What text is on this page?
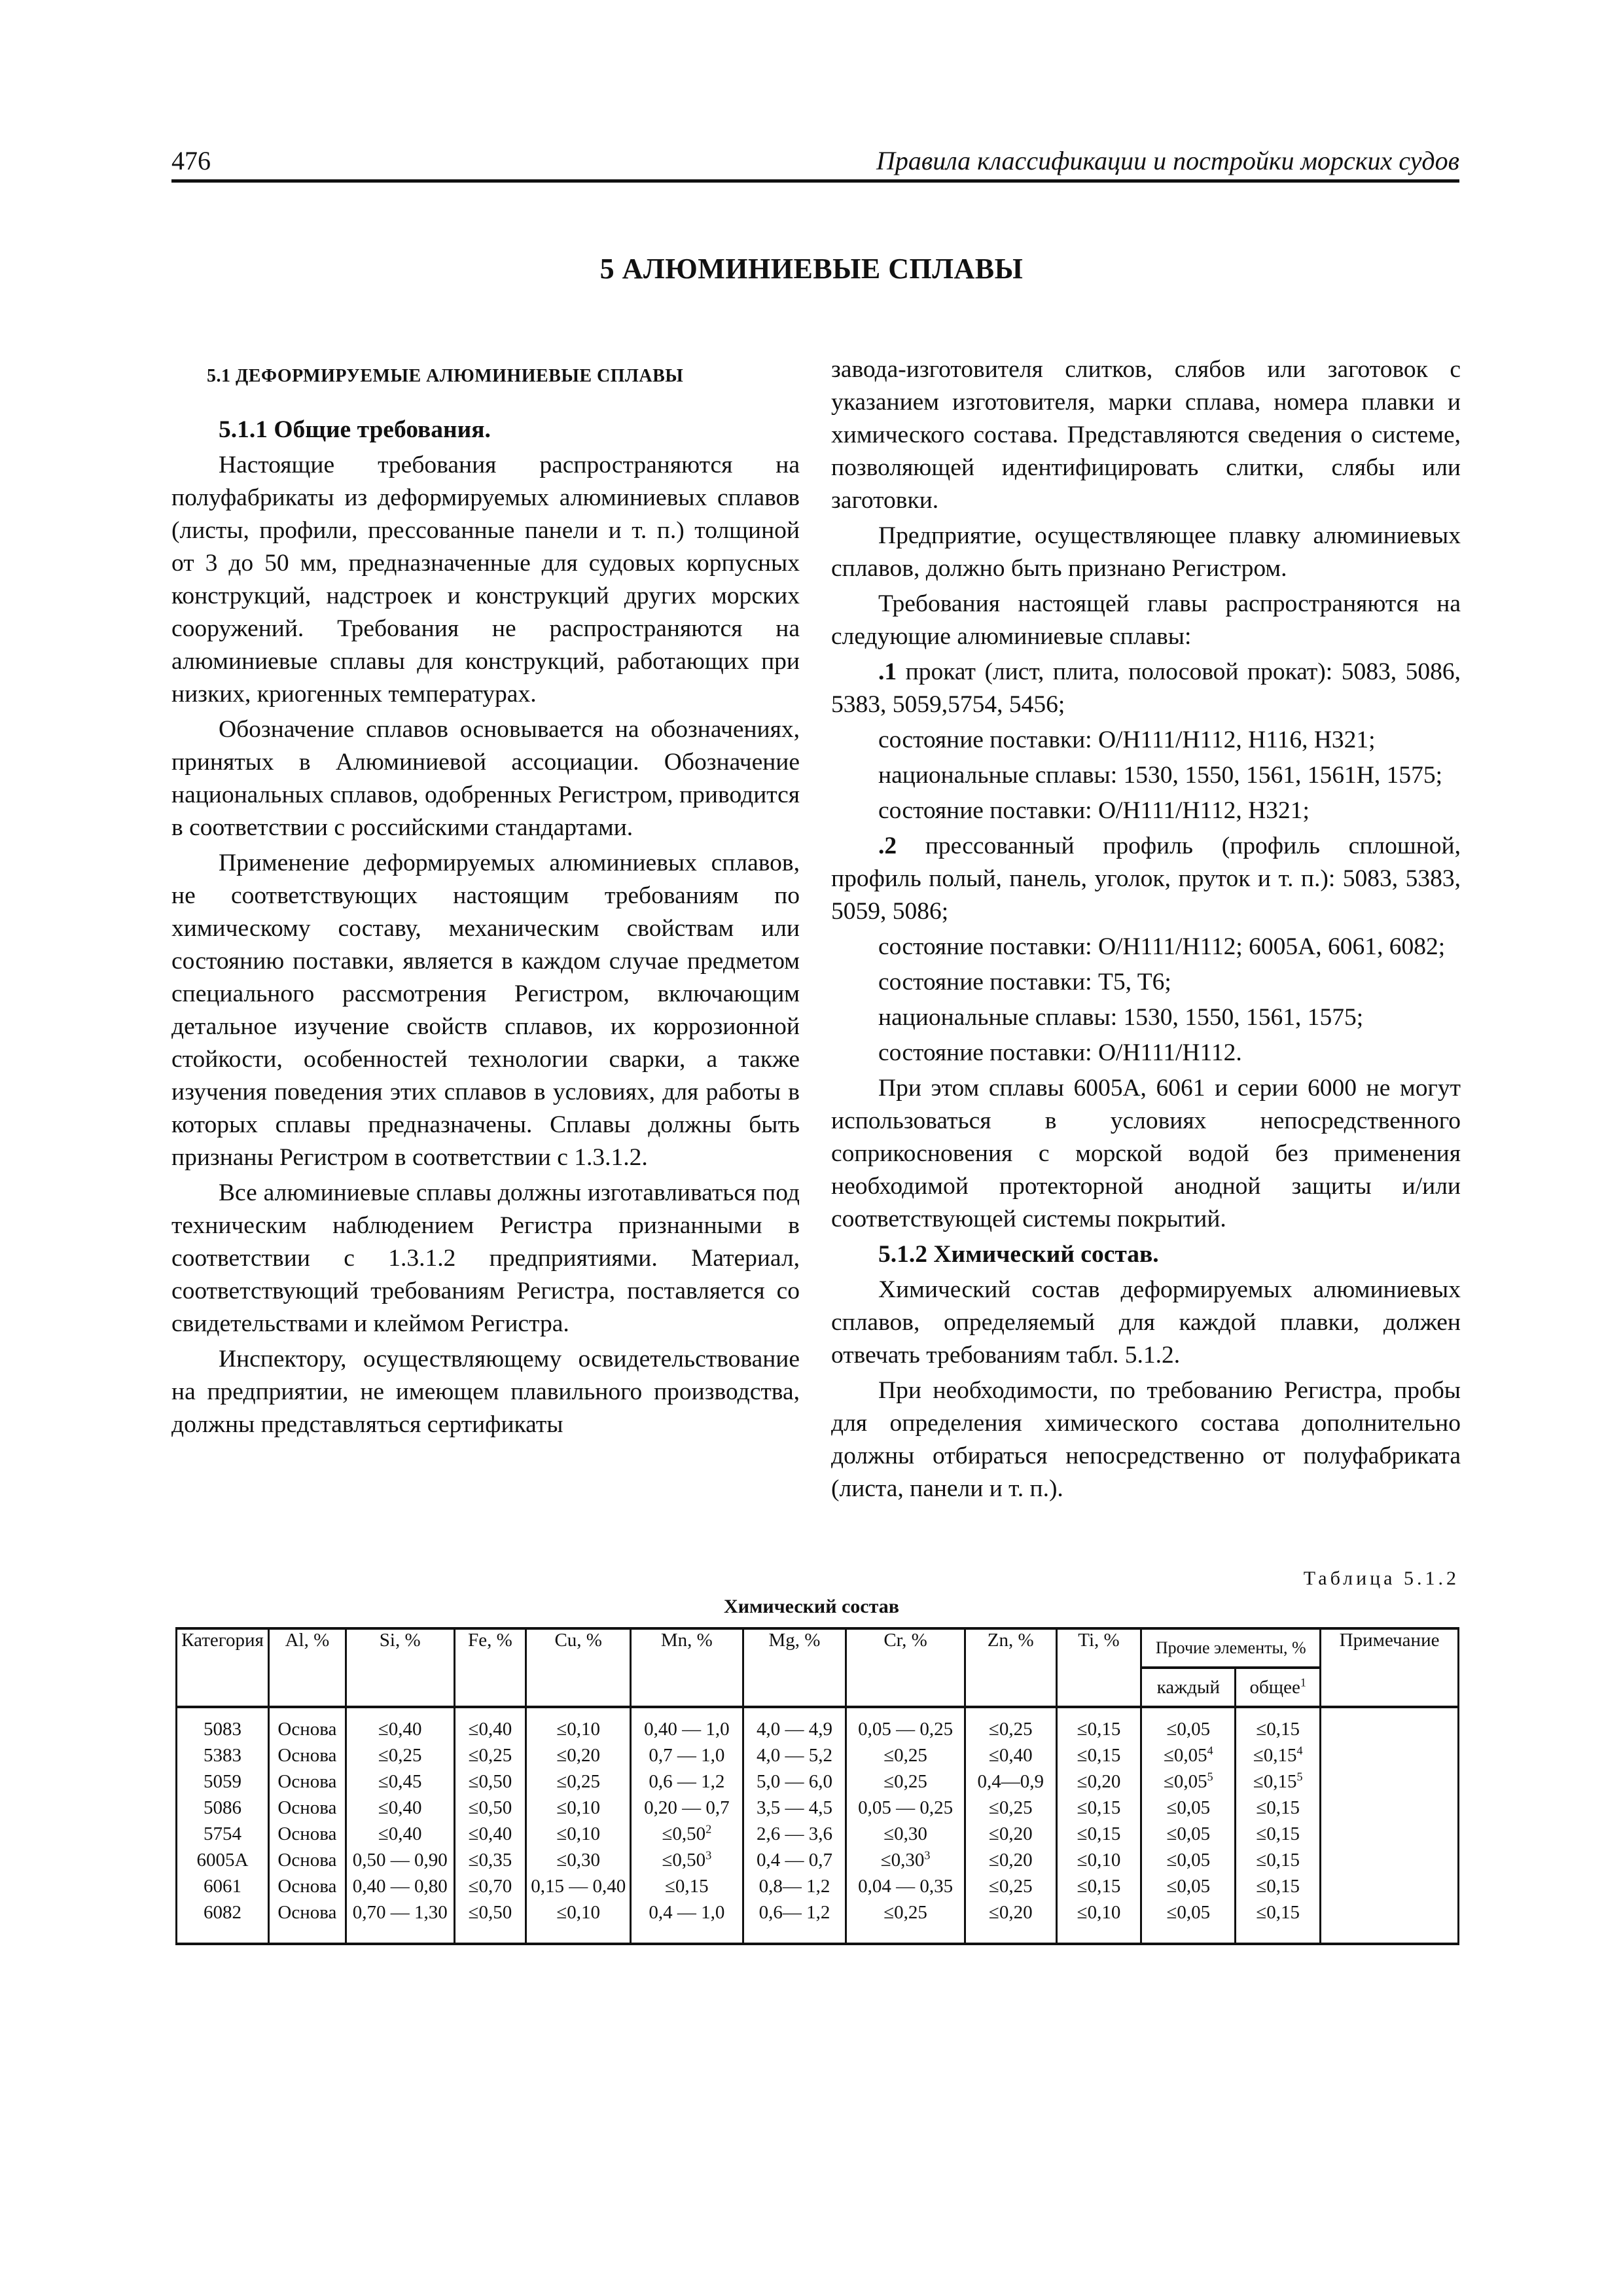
476	Правила классификации и постройки морских судов
5 АЛЮМИНИЕВЫЕ СПЛАВЫ
5.1 ДЕФОРМИРУЕМЫЕ АЛЮМИНИЕВЫЕ СПЛАВЫ

5.1.1 Общие требования.

Настоящие требования распространяются на полуфабрикаты из деформируемых алюминиевых сплавов (листы, профили, прессованные панели и т. п.) толщиной от 3 до 50 мм, предназначенные для судовых корпусных конструкций, надстроек и конструкций других морских сооружений. Требования не распространяются на алюминиевые сплавы для конструкций, работающих при низких, криогенных температурах.

Обозначение сплавов основывается на обозначениях, принятых в Алюминиевой ассоциации. Обозначение национальных сплавов, одобренных Регистром, приводится в соответствии с российскими стандартами.

Применение деформируемых алюминиевых сплавов, не соответствующих настоящим требованиям по химическому составу, механическим свойствам или состоянию поставки, является в каждом случае предметом специального рассмотрения Регистром, включающим детальное изучение свойств сплавов, их коррозионной стойкости, особенностей технологии сварки, а также изучения поведения этих сплавов в условиях, для работы в которых сплавы предназначены. Сплавы должны быть признаны Регистром в соответствии с 1.3.1.2.

Все алюминиевые сплавы должны изготавливаться под техническим наблюдением Регистра признанными в соответствии с 1.3.1.2 предприятиями. Материал, соответствующий требованиям Регистра, поставляется со свидетельствами и клеймом Регистра.

Инспектору, осуществляющему освидетельствование на предприятии, не имеющем плавильного производства, должны представляться сертификаты

завода-изготовителя слитков, слябов или заготовок с указанием изготовителя, марки сплава, номера плавки и химического состава. Представляются сведения о системе, позволяющей идентифицировать слитки, слябы или заготовки.

Предприятие, осуществляющее плавку алюминиевых сплавов, должно быть признано Регистром.

Требования настоящей главы распространяются на следующие алюминиевые сплавы:

.1 прокат (лист, плита, полосовой прокат): 5083, 5086, 5383, 5059,5754, 5456;

состояние поставки: O/H111/H112, H116, H321;

национальные сплавы: 1530, 1550, 1561, 1561H, 1575;

состояние поставки: O/H111/H112, H321;

.2 прессованный профиль (профиль сплошной, профиль полый, панель, уголок, пруток и т. п.): 5083, 5383, 5059, 5086;

состояние поставки: O/H111/H112; 6005A, 6061, 6082;

состояние поставки: T5, T6;

национальные сплавы: 1530, 1550, 1561, 1575;

состояние поставки: O/H111/H112.

При этом сплавы 6005A, 6061 и серии 6000 не могут использоваться в условиях непосредственного соприкосновения с морской водой без применения необходимой протекторной анодной защиты и/или соответствующей системы покрытий.

5.1.2 Химический состав.

Химический состав деформируемых алюминиевых сплавов, определяемый для каждой плавки, должен отвечать требованиям табл. 5.1.2.

При необходимости, по требованию Регистра, пробы для определения химического состава дополнительно должны отбираться непосредственно от полуфабриката (листа, панели и т. п.).

Таблица 5.1.2
Химический состав
Категория	Al, %	Si, %	Fe, %	Cu, %	Mn, %	Mg, %	Cr, %	Zn, %	Ti, %	Прочие элементы, %		Примечание
										каждый	общее$^1$
5083	Основа	≤0,40	≤0,40	≤0,10	0,40 — 1,0	4,0 — 4,9	0,05 — 0,25	≤0,25	≤0,15	≤0,05	≤0,15	
5383	Основа	≤0,25	≤0,25	≤0,20	0,7 — 1,0	4,0 — 5,2	≤0,25	≤0,40	≤0,15	$\le 0,05^4$	$\le 0,15^4$	
5059	Основа	≤0,45	≤0,50	≤0,25	0,6 — 1,2	5,0 — 6,0	≤0,25	0,4—0,9	≤0,20	$\le 0,05^5$	$\le 0,15^5$	
5086	Основа	≤0,40	≤0,50	≤0,10	0,20 — 0,7	3,5 — 4,5	0,05 — 0,25	≤0,25	≤0,15	≤0,05	≤0,15	
5754	Основа	≤0,40	≤0,40	≤0,10	$\le 0,50^2$	2,6 — 3,6	≤0,30	≤0,20	≤0,15	≤0,05	≤0,15	
6005A	Основа	0,50 — 0,90	≤0,35	≤0,30	$\le 0,50^3$	0,4 — 0,7	$\le 0,30^3$	≤0,20	≤0,10	≤0,05	≤0,15	
6061	Основа	0,40 — 0,80	≤0,70	0,15 — 0,40	≤0,15	0,8— 1,2	0,04 — 0,35	≤0,25	≤0,15	≤0,05	≤0,15	
6082	Основа	0,70 — 1,30	≤0,50	≤0,10	0,4 — 1,0	0,6— 1,2	≤0,25	≤0,20	≤0,10	≤0,05	≤0,15	
